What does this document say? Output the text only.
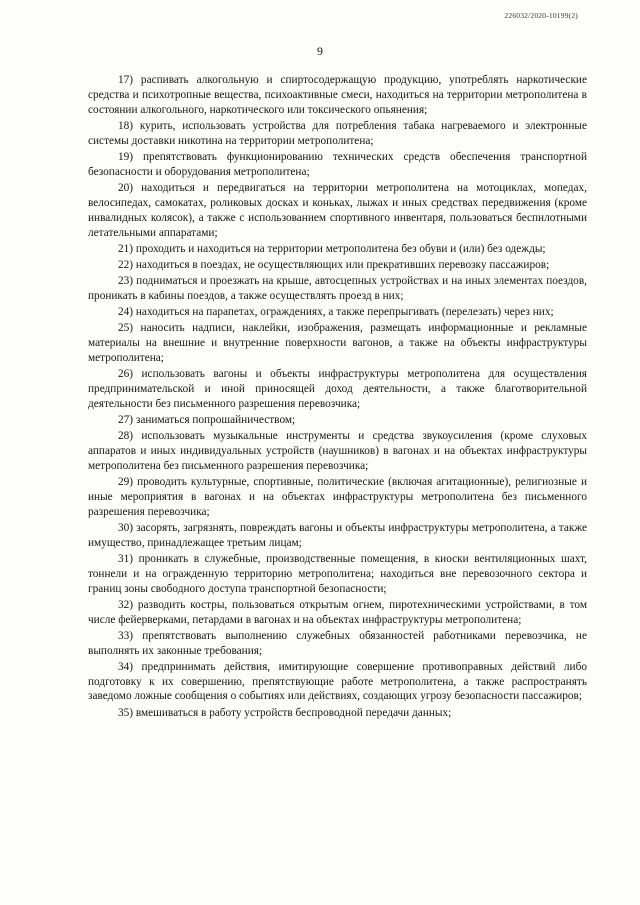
226032/2020-10199(2)
9

17) распивать алкогольную и спиртосодержащую продукцию, употреблять наркотические средства и психотропные вещества, психоактивные смеси, находиться на территории метрополитена в состоянии алкогольного, наркотического или токсического опьянения;

18) курить, использовать устройства для потребления табака нагреваемого и электронные системы доставки никотина на территории метрополитена;

19) препятствовать функционированию технических средств обеспечения транспортной безопасности и оборудования метрополитена;

20) находиться и передвигаться на территории метрополитена на мотоциклах, мопедах, велосипедах, самокатах, роликовых досках и коньках, лыжах и иных средствах передвижения (кроме инвалидных колясок), а также с использованием спортивного инвентаря, пользоваться беспилотными летательными аппаратами;

21) проходить и находиться на территории метрополитена без обуви и (или) без одежды;

22) находиться в поездах, не осуществляющих или прекративших перевозку пассажиров;

23) подниматься и проезжать на крыше, автосцепных устройствах и на иных элементах поездов, проникать в кабины поездов, а также осуществлять проезд в них;

24) находиться на парапетах, ограждениях, а также перепрыгивать (перелезать) через них;

25) наносить надписи, наклейки, изображения, размещать информационные и рекламные материалы на внешние и внутренние поверхности вагонов, а также на объекты инфраструктуры метрополитена;

26) использовать вагоны и объекты инфраструктуры метрополитена для осуществления предпринимательской и иной приносящей доход деятельности, а также благотворительной деятельности без письменного разрешения перевозчика;

27) заниматься попрошайничеством;

28) использовать музыкальные инструменты и средства звукоусиления (кроме слуховых аппаратов и иных индивидуальных устройств (наушников) в вагонах и на объектах инфраструктуры метрополитена без письменного разрешения перевозчика;

29) проводить культурные, спортивные, политические (включая агитационные), религиозные и иные мероприятия в вагонах и на объектах инфраструктуры метрополитена без письменного разрешения перевозчика;

30) засорять, загрязнять, повреждать вагоны и объекты инфраструктуры метрополитена, а также имущество, принадлежащее третьим лицам;

31) проникать в служебные, производственные помещения, в киоски вентиляционных шахт, тоннели и на огражденную территорию метрополитена; находиться вне перевозочного сектора и границ зоны свободного доступа транспортной безопасности;

32) разводить костры, пользоваться открытым огнем, пиротехническими устройствами, в том числе фейерверками, петардами в вагонах и на объектах инфраструктуры метрополитена;

33) препятствовать выполнению служебных обязанностей работниками перевозчика, не выполнять их законные требования;

34) предпринимать действия, имитирующие совершение противоправных действий либо подготовку к их совершению, препятствующие работе метрополитена, а также распространять заведомо ложные сообщения о событиях или действиях, создающих угрозу безопасности пассажиров;

35) вмешиваться в работу устройств беспроводной передачи данных;
